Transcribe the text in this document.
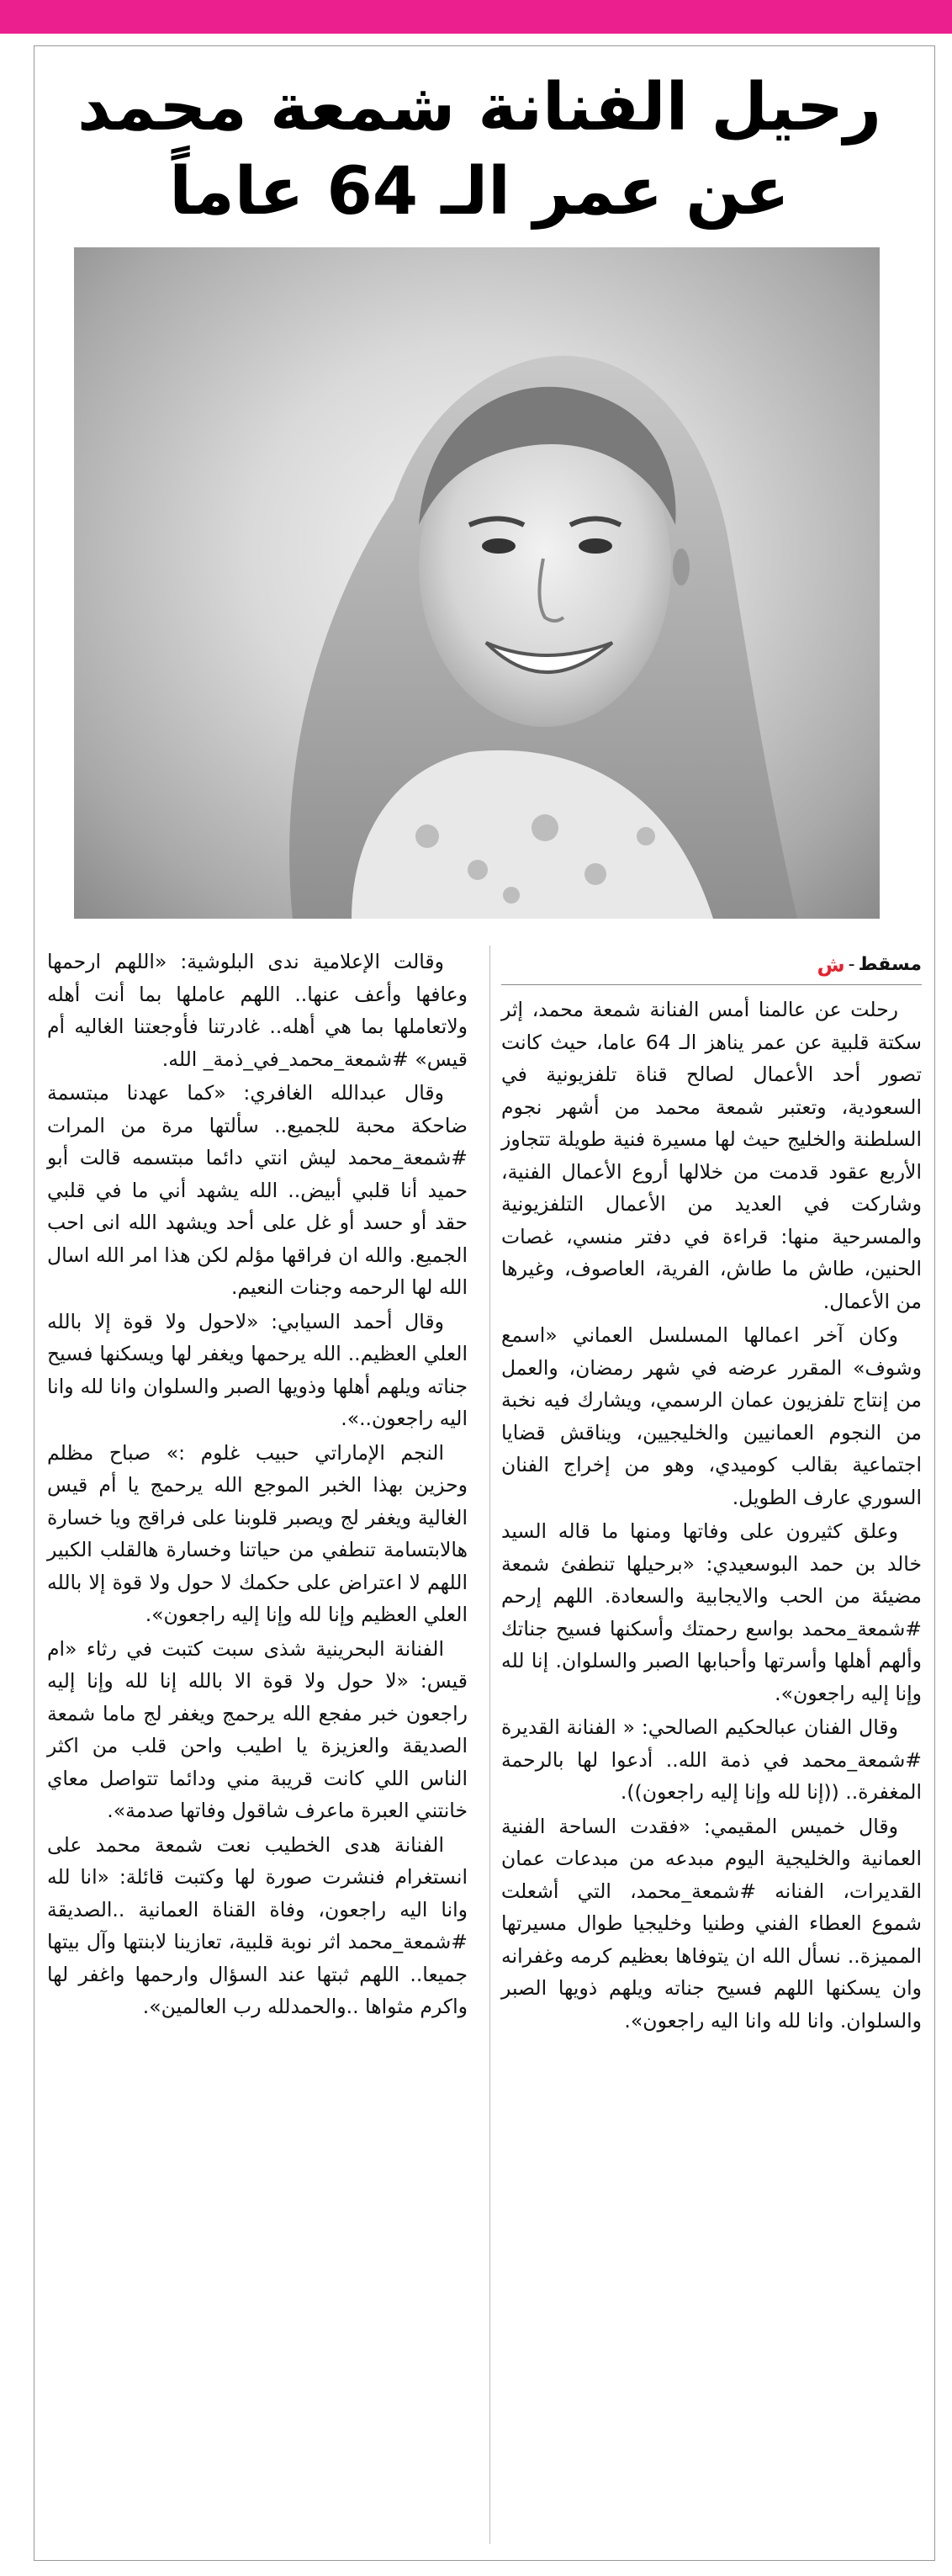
رحيل الفنانة شمعة محمد
عن عمر الـ 64 عاماً
مسقط
-
ش

رحلت عن عالمنا أمس الفنانة شمعة محمد، إثر سكتة قلبية عن عمر يناهز الـ 64 عاما، حيث كانت تصور أحد الأعمال لصالح قناة تلفزيونية في السعودية، وتعتبر شمعة محمد من أشهر نجوم السلطنة والخليج حيث لها مسيرة فنية طويلة تتجاوز الأربع عقود قدمت من خلالها أروع الأعمال الفنية، وشاركت في العديد من الأعمال التلفزيونية والمسرحية منها: قراءة في دفتر منسي، غصات الحنين، طاش ما طاش، الفرية، العاصوف، وغيرها من الأعمال.

وكان آخر اعمالها المسلسل العماني «اسمع وشوف» المقرر عرضه في شهر رمضان، والعمل من إنتاج تلفزيون عمان الرسمي، ويشارك فيه نخبة من النجوم العمانيين والخليجيين، ويناقش قضايا اجتماعية بقالب كوميدي، وهو من إخراج الفنان السوري عارف الطويل.

وعلق كثيرون على وفاتها ومنها ما قاله السيد خالد بن حمد البوسعيدي: «برحيلها تنطفئ شمعة مضيئة من الحب والايجابية والسعادة. اللهم إرحم #شمعة_محمد بواسع رحمتك وأسكنها فسيح جناتك وألهم أهلها وأسرتها وأحبابها الصبر والسلوان. إنا لله وإنا إليه راجعون».

وقال الفنان عبالحكيم الصالحي: « الفنانة القديرة #شمعة_محمد في ذمة الله.. أدعوا لها بالرحمة المغفرة.. ((إنا لله وإنا إليه راجعون)).

وقال خميس المقيمي: «فقدت الساحة الفنية العمانية والخليجية اليوم مبدعه من مبدعات عمان القديرات، الفنانه #شمعة_محمد، التي أشعلت شموع العطاء الفني وطنيا وخليجيا طوال مسيرتها المميزة.. نسأل الله ان يتوفاها بعظيم كرمه وغفرانه وان يسكنها اللهم فسيح جناته ويلهم ذويها الصبر والسلوان. وانا لله وانا اليه راجعون».

وقالت الإعلامية ندى البلوشية: «اللهم ارحمها وعافها وأعف عنها.. اللهم عاملها بما أنت أهله ولاتعاملها بما هي أهله.. غادرتنا فأوجعتنا الغاليه أم قيس» #شمعة_محمد_في_ذمة_ الله.

وقال عبدالله الغافري: «كما عهدنا مبتسمة ضاحكة محبة للجميع.. سألتها مرة من المرات #شمعة_محمد ليش انتي دائما مبتسمه قالت أبو حميد أنا قلبي أبيض.. الله يشهد أني ما في قلبي حقد أو حسد أو غل على أحد ويشهد الله انى احب الجميع. والله ان فراقها مؤلم لكن هذا امر الله اسال الله لها الرحمه وجنات النعيم.

وقال أحمد السيابي: «لاحول ولا قوة إلا بالله العلي العظيم.. الله يرحمها ويغفر لها ويسكنها فسيح جناته ويلهم أهلها وذويها الصبر والسلوان وانا لله وانا اليه راجعون..».

النجم الإماراتي حبيب غلوم :» صباح مظلم وحزين بهذا الخبر الموجع الله يرحمج يا أم قيس الغالية ويغفر لج ويصبر قلوبنا على فراقج ويا خسارة هالابتسامة تنطفي من حياتنا وخسارة هالقلب الكبير اللهم لا اعتراض على حكمك لا حول ولا قوة إلا بالله العلي العظيم وإنا لله وإنا إليه راجعون».

الفنانة البحرينية شذى سبت كتبت في رثاء «ام قيس: «لا حول ولا قوة الا بالله إنا لله وإنا إليه راجعون خبر مفجع الله يرحمج ويغفر لج ماما شمعة الصديقة والعزيزة يا اطيب واحن قلب من اكثر الناس اللي كانت قريبة مني ودائما تتواصل معاي خانتني العبرة ماعرف شاقول وفاتها صدمة».

الفنانة هدى الخطيب نعت شمعة محمد على انستغرام فنشرت صورة لها وكتبت قائلة: «انا لله وانا اليه راجعون، وفاة القناة العمانية ..الصديقة #شمعة_محمد اثر نوبة قلبية، تعازينا لابنتها وآل بيتها جميعا.. اللهم ثبتها عند السؤال وارحمها واغفر لها واكرم مثواها ..والحمدلله رب العالمين».
